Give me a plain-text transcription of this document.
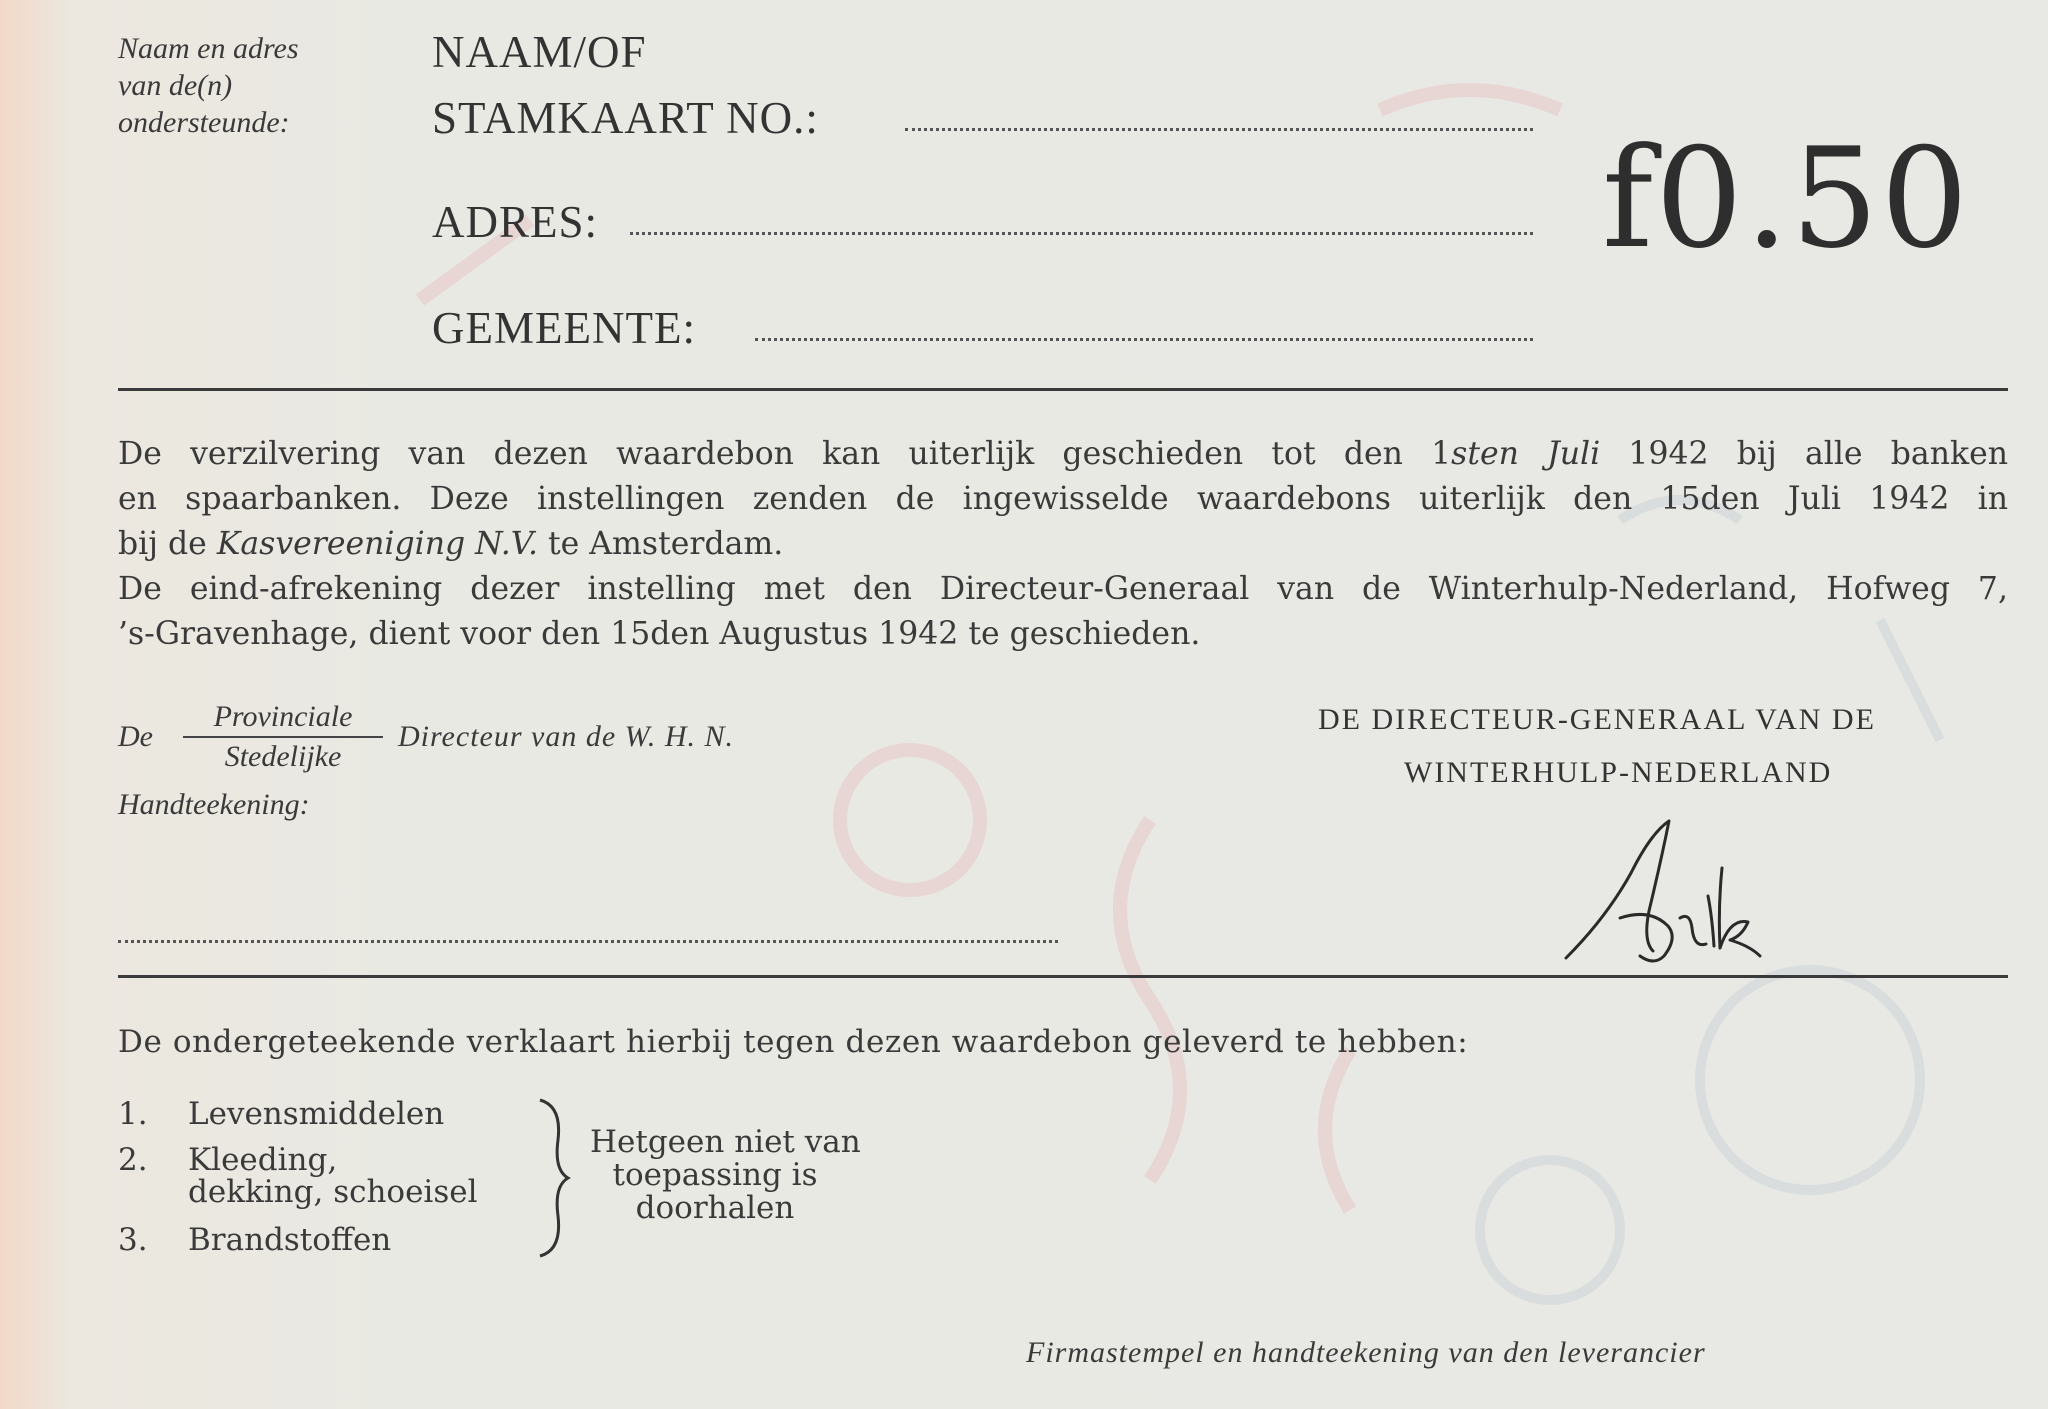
Naam en adres
van de(n)
ondersteunde:
NAAM/OF
STAMKAART NO.:
ADRES:
GEMEENTE:
f0.50
De verzilvering van dezen waardebon kan uiterlijk geschieden tot den 1sten Juli 1942 bij alle banken
en spaarbanken. Deze instellingen zenden de ingewisselde waardebons uiterlijk den 15den Juli 1942 in
bij de Kasvereeniging N.V. te Amsterdam.
De eind-afrekening dezer instelling met den Directeur-Generaal van de Winterhulp-Nederland, Hofweg 7,
’s-Gravenhage, dient voor den 15den Augustus 1942 te geschieden.
De
Provinciale
Stedelijke
Directeur van de W. H. N.
Handteekening:
DE DIRECTEUR-GENERAAL VAN DE
WINTERHULP-NEDERLAND
De ondergeteekende verklaart hierbij tegen dezen waardebon geleverd te hebben:
1. Levensmiddelen
2. Kleeding,
dekking, schoeisel
3. Brandstoffen
Hetgeen niet van
toepassing is
doorhalen
Firmastempel en handteekening van den leverancier
